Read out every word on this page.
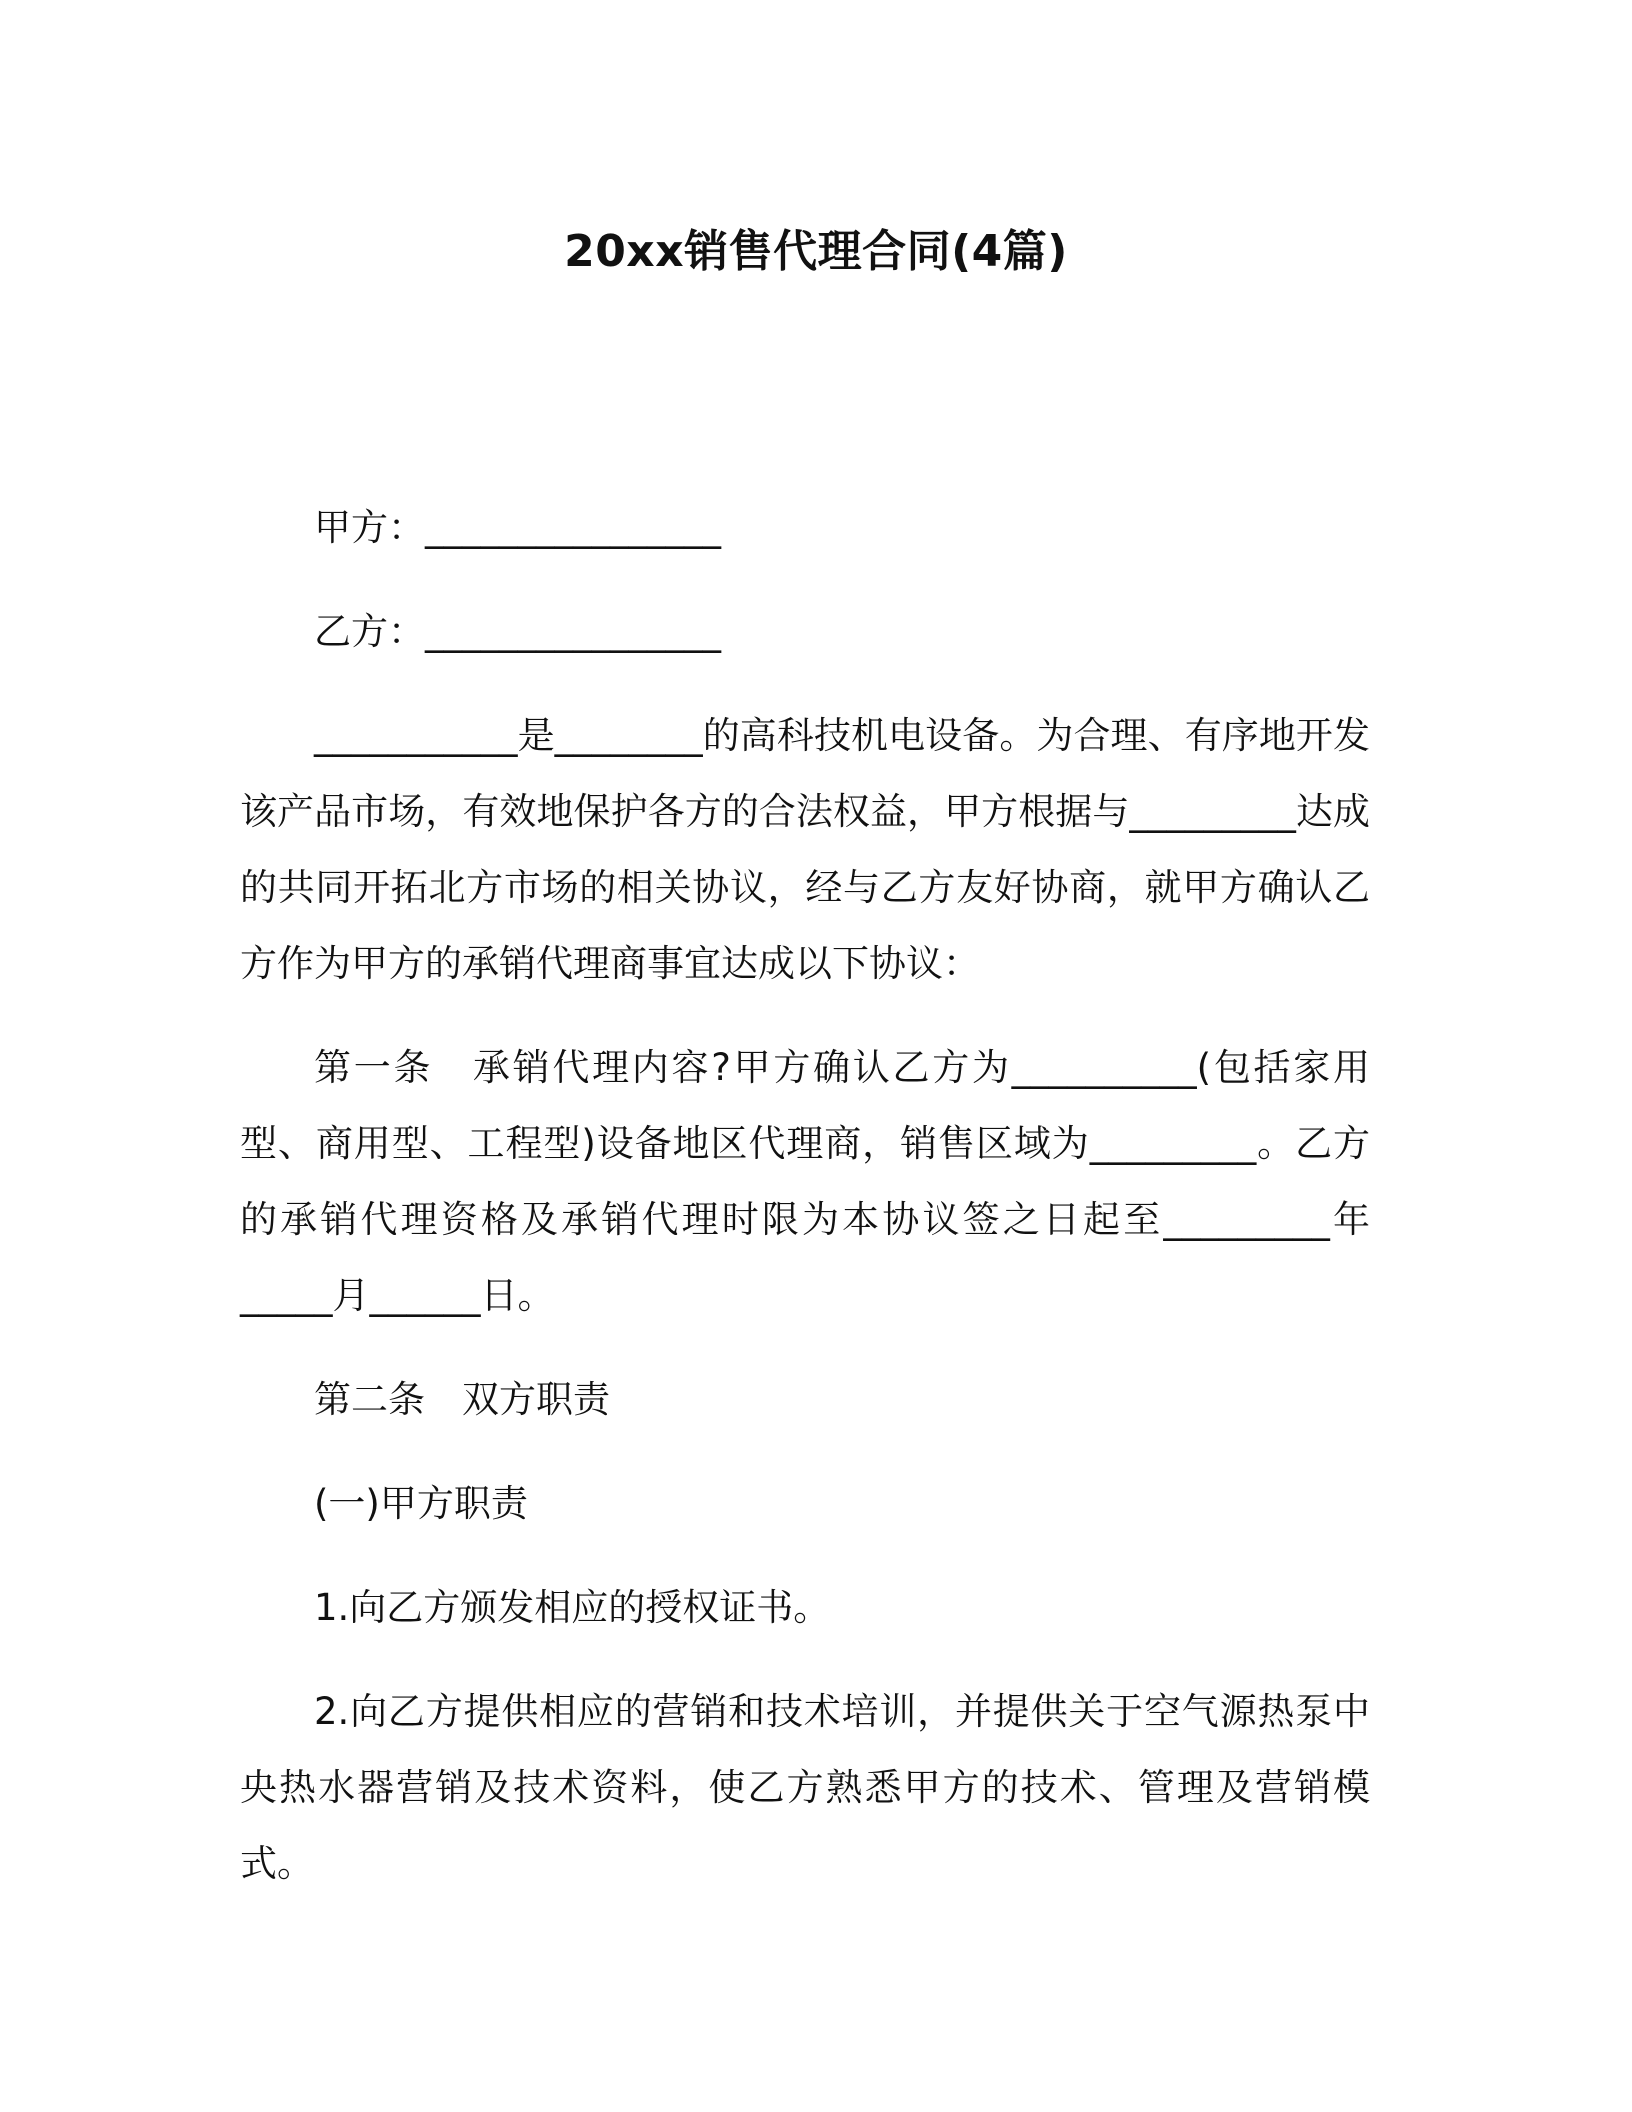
20xx销售代理合同(4篇)

甲方：________________

乙方：________________

___________是________的高科技机电设备。为合理、有序地开发该产品市场，有效地保护各方的合法权益，甲方根据与_________达成的共同开拓北方市场的相关协议，经与乙方友好协商，就甲方确认乙方作为甲方的承销代理商事宜达成以下协议：

第一条　承销代理内容?甲方确认乙方为__________(包括家用型、商用型、工程型)设备地区代理商，销售区域为_________。乙方的承销代理资格及承销代理时限为本协议签之日起至_________年_____月______日。

第二条　双方职责

(一)甲方职责

1.向乙方颁发相应的授权证书。

2.向乙方提供相应的营销和技术培训，并提供关于空气源热泵中央热水器营销及技术资料，使乙方熟悉甲方的技术、管理及营销模式。
